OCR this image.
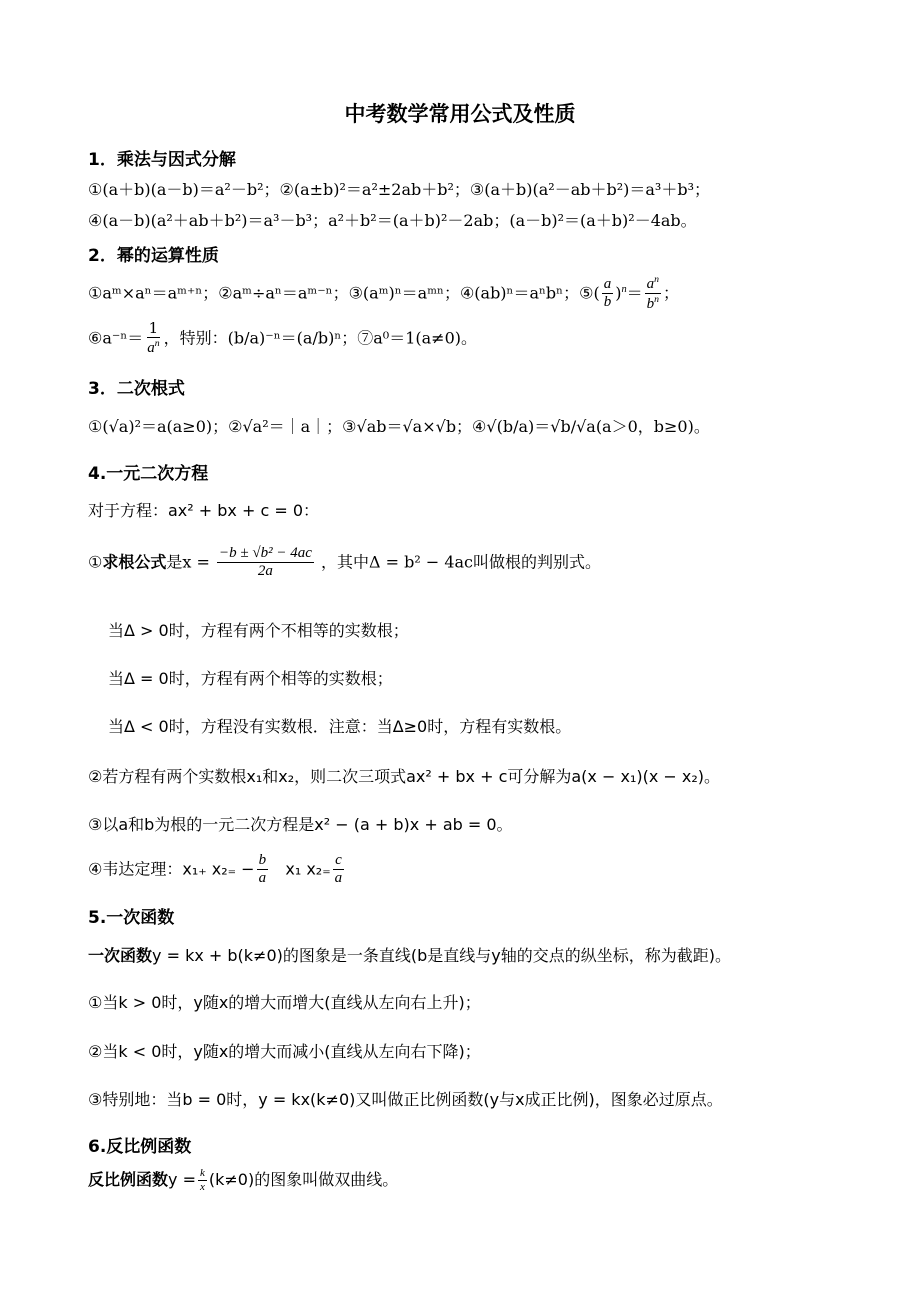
中考数学常用公式及性质
1．乘法与因式分解
①(a＋b)(a－b)＝a²－b²；②(a±b)²＝a²±2ab＋b²；③(a＋b)(a²－ab＋b²)＝a³＋b³；
④(a－b)(a²＋ab＋b²)＝a³－b³；a²＋b²＝(a＋b)²－2ab；(a－b)²＝(a＋b)²－4ab。
2．幂的运算性质
①aᵐ×aⁿ＝aᵐ⁺ⁿ；②aᵐ÷aⁿ＝aᵐ⁻ⁿ；③(aᵐ)ⁿ＝aᵐⁿ；④(ab)ⁿ＝aⁿbⁿ；⑤( $\frac{a}{b} )^n= \frac{a^n}{b^n}$ ；
⑥a⁻ⁿ＝ $\frac{1}{a^n}$ ，特别：(b/a)⁻ⁿ＝(a/b)ⁿ；⑦a⁰＝1(a≠0)。
3．二次根式
①(√a)²＝a(a≥0)；②√a²＝｜a｜；③√ab＝√a×√b；④√(b/a)＝√b/√a(a＞0，b≥0)。
4.一元二次方程
对于方程：ax² + bx + c = 0：
①求根公式是$x = \frac{\text{−b ± √b² − 4ac}}{2a}$ ，其中Δ = b² − 4ac叫做根的判别式。
当Δ > 0时，方程有两个不相等的实数根；
当Δ = 0时，方程有两个相等的实数根；
当Δ < 0时，方程没有实数根．注意：当Δ≥0时，方程有实数根。
②若方程有两个实数根x₁和x₂，则二次三项式ax² + bx + c可分解为a(x − x₁)(x − x₂)。
③以a和b为根的一元二次方程是x² − (a + b)x + ab = 0。
④韦达定理：x₁₊ $x_{2=} - \frac{b}{a} x_1$ $x_{2=} \frac{c}{a}$
5.一次函数
一次函数y = kx + b(k≠0)的图象是一条直线(b是直线与y轴的交点的纵坐标，称为截距)。
①当k > 0时，y随x的增大而增大(直线从左向右上升)；
②当k < 0时，y随x的增大而减小(直线从左向右下降)；
③特别地：当b = 0时，y = kx(k≠0)又叫做正比例函数(y与x成正比例)，图象必过原点。
6.反比例函数
反比例函数$y = \frac{k}{x} (k\ne 0)$的图象叫做双曲线。
